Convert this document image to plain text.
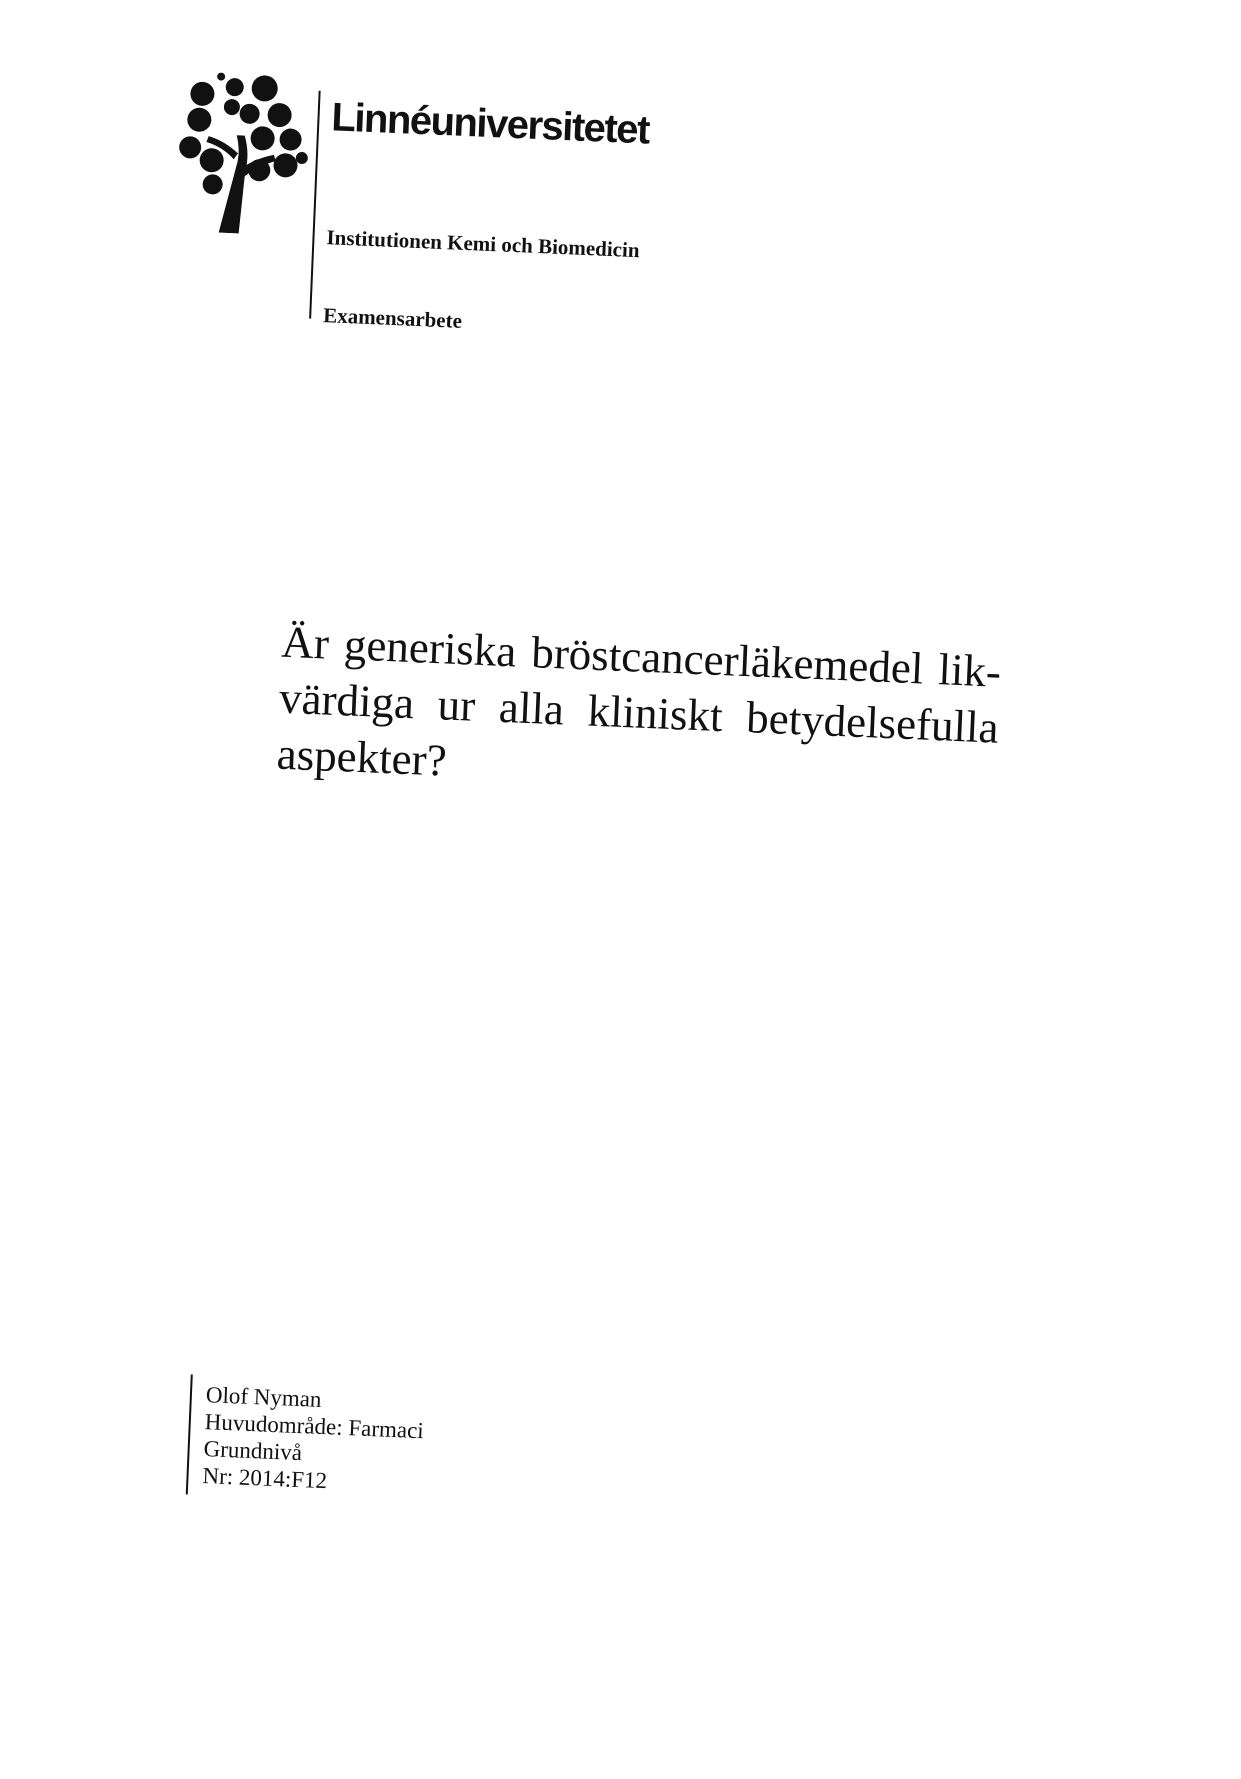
Linnéuniversitetet
Institutionen Kemi och Biomedicin
Examensarbete
Är generiska bröstcancerläkemedel lik-värdiga ur alla kliniskt betydelsefulla aspekter?
Olof Nyman
Huvudområde: Farmaci
Grundnivå
Nr: 2014:F12
